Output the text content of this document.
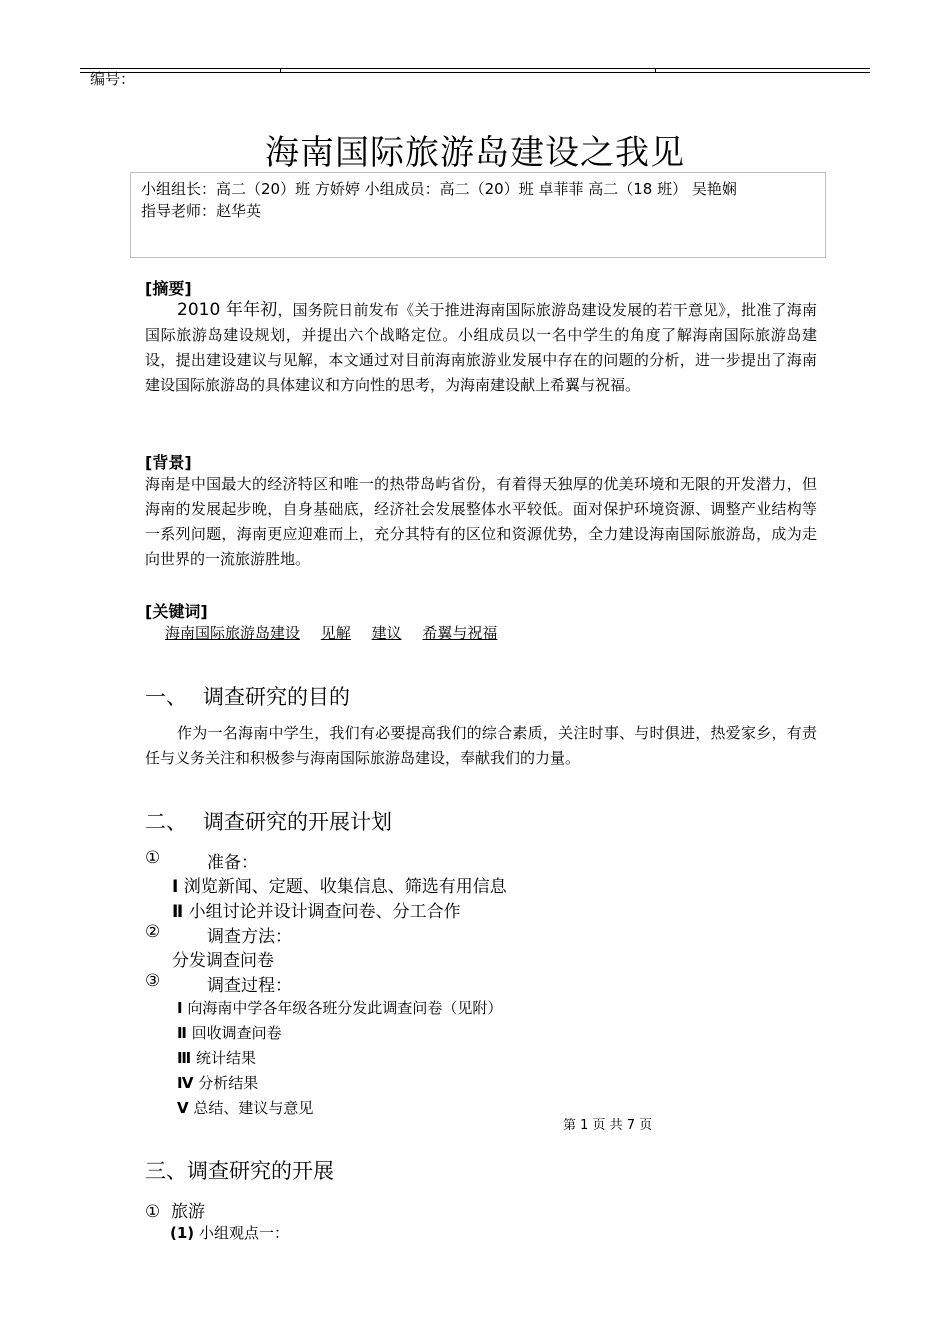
编号：
海南国际旅游岛建设之我见
小组组长：高二（20）班 方娇婷 小组成员：高二（20）班 卓菲菲 高二（18 班） 吴艳娴
指导老师：赵华英
[摘要]
2010 年年初，国务院日前发布《关于推进海南国际旅游岛建设发展的若干意见》，批准了海南国际旅游岛建设规划，并提出六个战略定位。小组成员以一名中学生的角度了解海南国际旅游岛建设，提出建设建议与见解，本文通过对目前海南旅游业发展中存在的问题的分析，进一步提出了海南建设国际旅游岛的具体建议和方向性的思考，为海南建设献上希翼与祝福。
[背景]
海南是中国最大的经济特区和唯一的热带岛屿省份，有着得天独厚的优美环境和无限的开发潜力，但海南的发展起步晚，自身基础底，经济社会发展整体水平较低。面对保护环境资源、调整产业结构等一系列问题，海南更应迎难而上，充分其特有的区位和资源优势，全力建设海南国际旅游岛，成为走向世界的一流旅游胜地。
[关键词]
海南国际旅游岛建设 见解 建议 希翼与祝福
一、 调查研究的目的
作为一名海南中学生，我们有必要提高我们的综合素质，关注时事、与时俱进，热爱家乡，有责任与义务关注和积极参与海南国际旅游岛建设，奉献我们的力量。
二、 调查研究的开展计划
①	准备：
Ⅰ 浏览新闻、定题、收集信息、筛选有用信息
Ⅱ 小组讨论并设计调查问卷、分工合作
②	调查方法：
分发调查问卷
③	调查过程：
Ⅰ 向海南中学各年级各班分发此调查问卷（见附）
Ⅱ 回收调查问卷
Ⅲ 统计结果
Ⅳ 分析结果
Ⅴ 总结、建议与意见
第 1 页 共 7 页
三、调查研究的开展
① 旅游
(1) 小组观点一：
